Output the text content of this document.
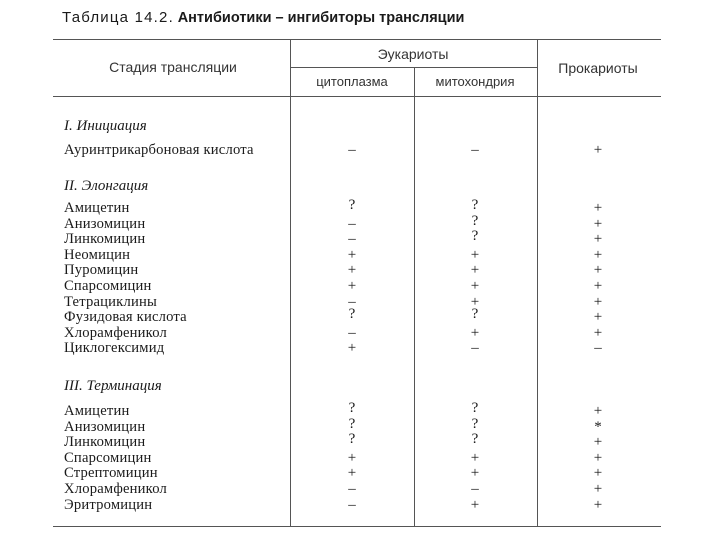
Таблица 14.2. Антибиотики – ингибиторы трансляции
Стадия трансляции
Эукариоты
цитоплазма	митохондрия
Прокариоты
I. Инициация
Ауринтрикарбоновая кислота	–	–	+
II. Элонгация
Амицетин	?	?	+
Анизомицин	–	?	+
Линкомицин	–	?	+
Неомицин	+	+	+
Пуромицин	+	+	+
Спарсомицин	+	+	+
Тетрациклины	–	+	+
Фузидовая кислота	?	?	+
Хлорамфеникол	–	+	+
Циклогексимид	+	–	–
III. Терминация
Амицетин	?	?	+
Анизомицин	?	?	*
Линкомицин	?	?	+
Спарсомицин	+	+	+
Стрептомицин	+	+	+
Хлорамфеникол	–	–	+
Эритромицин	–	+	+
